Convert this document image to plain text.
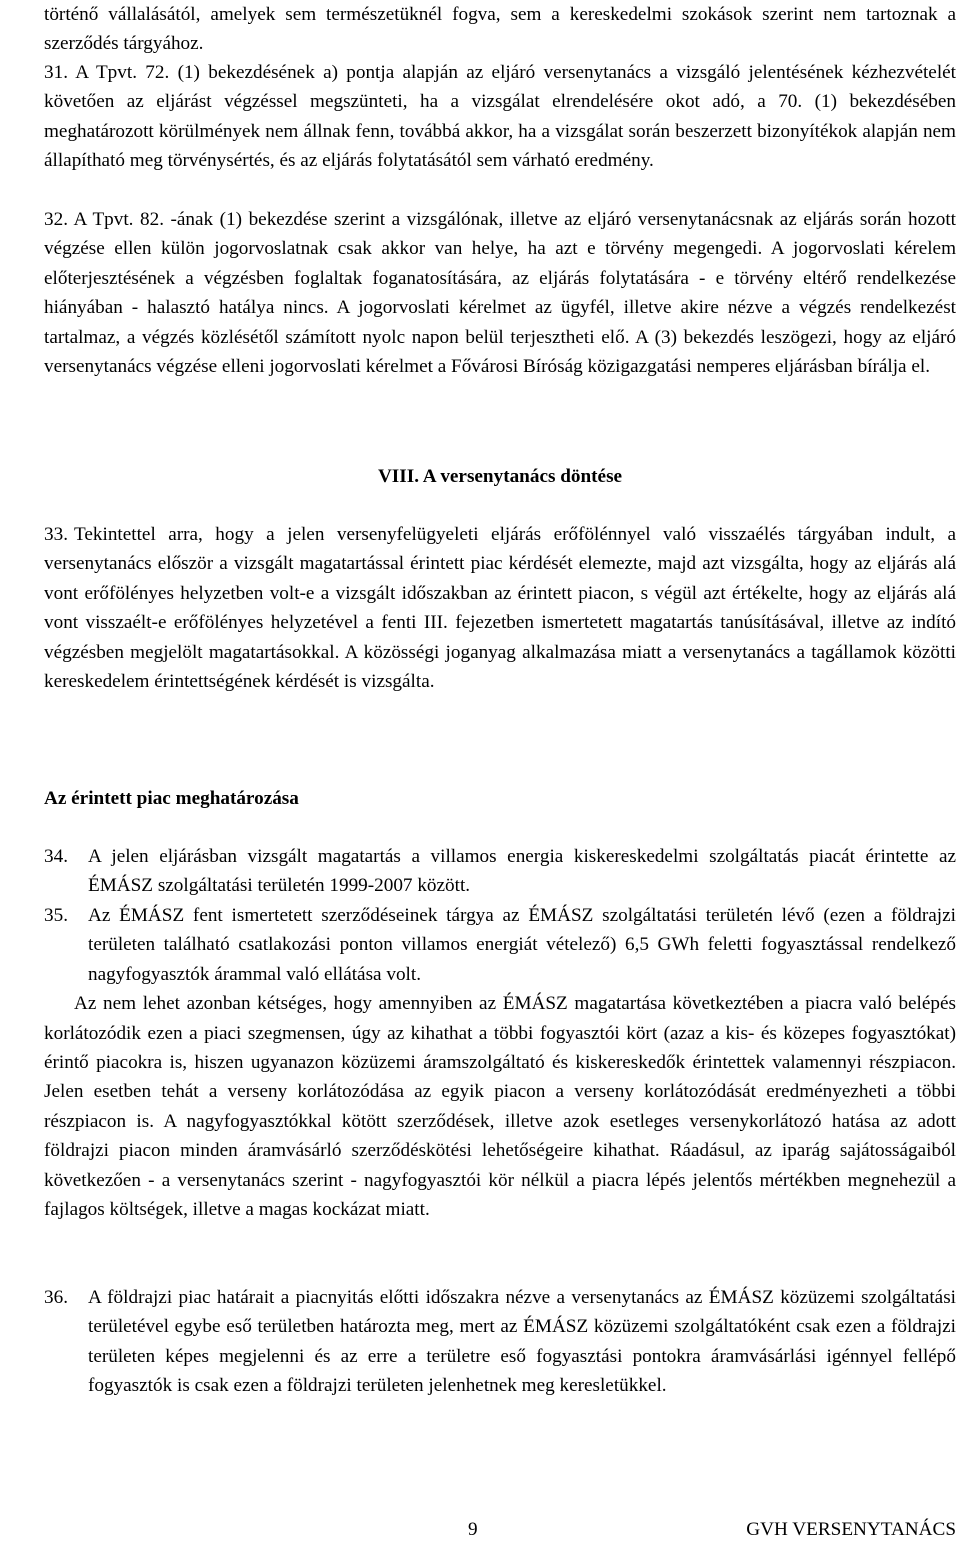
történő vállalásától, amelyek sem természetüknél fogva, sem a kereskedelmi szokások szerint nem tartoznak a szerződés tárgyához.

31. A Tpvt. 72. (1) bekezdésének a) pontja alapján az eljáró versenytanács a vizsgáló jelentésének kézhezvételét követően az eljárást végzéssel megszünteti, ha a vizsgálat elrendelésére okot adó, a 70. (1) bekezdésében meghatározott körülmények nem állnak fenn, továbbá akkor, ha a vizsgálat során beszerzett bizonyítékok alapján nem állapítható meg törvénysértés, és az eljárás folytatásától sem várható eredmény.

32. A Tpvt. 82. -ának (1) bekezdése szerint a vizsgálónak, illetve az eljáró versenytanácsnak az eljárás során hozott végzése ellen külön jogorvoslatnak csak akkor van helye, ha azt e törvény megengedi. A jogorvoslati kérelem előterjesztésének a végzésben foglaltak foganatosítására, az eljárás folytatására - e törvény eltérő rendelkezése hiányában - halasztó hatálya nincs. A jogorvoslati kérelmet az ügyfél, illetve akire nézve a végzés rendelkezést tartalmaz, a végzés közlésétől számított nyolc napon belül terjesztheti elő. A (3) bekezdés leszögezi, hogy az eljáró versenytanács végzése elleni jogorvoslati kérelmet a Fővárosi Bíróság közigazgatási nemperes eljárásban bírálja el.

VIII. A versenytanács döntése
33. Tekintettel arra, hogy a jelen versenyfelügyeleti eljárás erőfölénnyel való visszaélés tárgyában indult, a versenytanács először a vizsgált magatartással érintett piac kérdését elemezte, majd azt vizsgálta, hogy az eljárás alá vont erőfölényes helyzetben volt-e a vizsgált időszakban az érintett piacon, s végül azt értékelte, hogy az eljárás alá vont visszaélt-e erőfölényes helyzetével a fenti III. fejezetben ismertetett magatartás tanúsításával, illetve az indító végzésben megjelölt magatartásokkal. A közösségi joganyag alkalmazása miatt a versenytanács a tagállamok közötti kereskedelem érintettségének kérdését is vizsgálta.

Az érintett piac meghatározása
34.	A jelen eljárásban vizsgált magatartás a villamos energia kiskereskedelmi szolgáltatás piacát érintette az ÉMÁSZ szolgáltatási területén 1999-2007 között.

35.	Az ÉMÁSZ fent ismertetett szerződéseinek tárgya az ÉMÁSZ szolgáltatási területén lévő (ezen a földrajzi területen található csatlakozási ponton villamos energiát vételező) 6,5 GWh feletti fogyasztással rendelkező nagyfogyasztók árammal való ellátása volt.

Az nem lehet azonban kétséges, hogy amennyiben az ÉMÁSZ magatartása következtében a piacra való belépés korlátozódik ezen a piaci szegmensen, úgy az kihathat a többi fogyasztói kört (azaz a kis- és közepes fogyasztókat) érintő piacokra is, hiszen ugyanazon közüzemi áramszolgáltató és kiskereskedők érintettek valamennyi részpiacon. Jelen esetben tehát a verseny korlátozódása az egyik piacon a verseny korlátozódását eredményezheti a többi részpiacon is. A nagyfogyasztókkal kötött szerződések, illetve azok esetleges versenykorlátozó hatása az adott földrajzi piacon minden áramvásárló szerződéskötési lehetőségeire kihathat. Ráadásul, az iparág sajátosságaiból következően - a versenytanács szerint - nagyfogyasztói kör nélkül a piacra lépés jelentős mértékben megnehezül a fajlagos költségek, illetve a magas kockázat miatt.

36.	A földrajzi piac határait a piacnyitás előtti időszakra nézve a versenytanács az ÉMÁSZ közüzemi szolgáltatási területével egybe eső területben határozta meg, mert az ÉMÁSZ közüzemi szolgáltatóként csak ezen a földrajzi területen képes megjelenni és az erre a területre eső fogyasztási pontokra áramvásárlási igénnyel fellépő fogyasztók is csak ezen a földrajzi területen jelenhetnek meg keresletükkel.

9	GVH VERSENYTANÁCS
